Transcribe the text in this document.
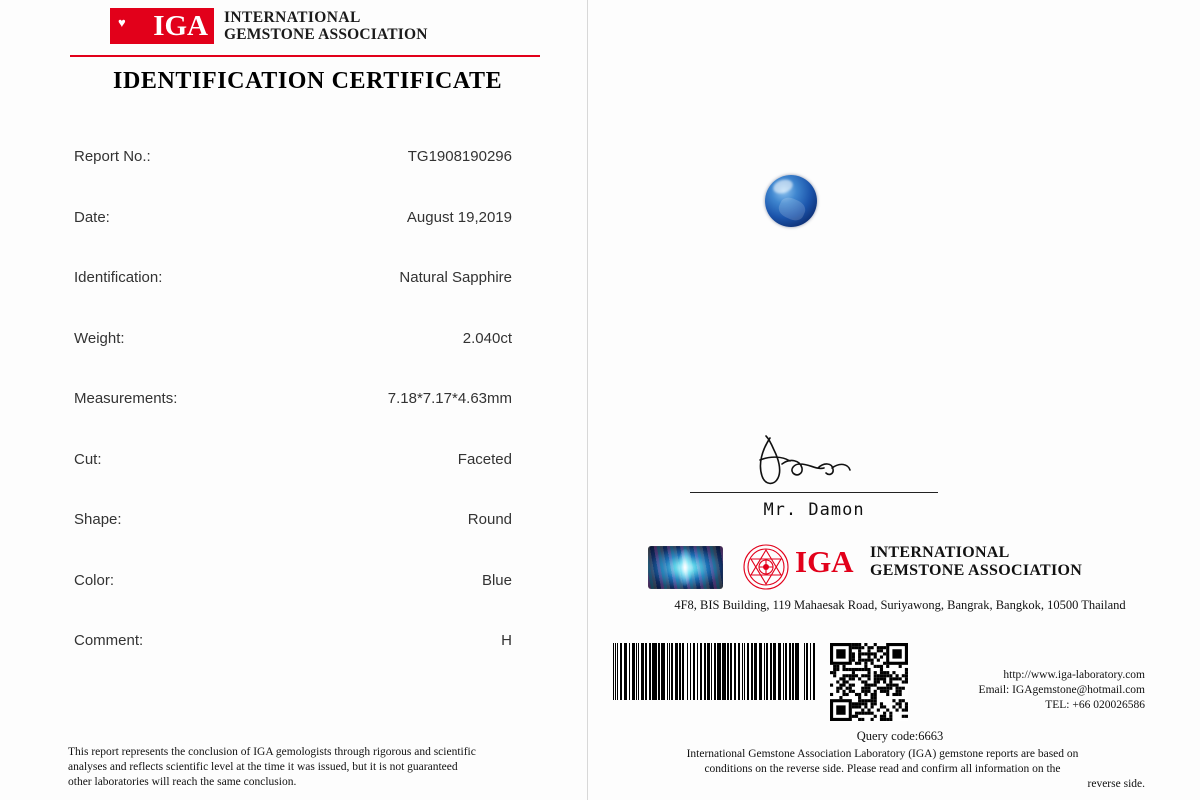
♥ IGA	INTERNATIONAL
GEMSTONE ASSOCIATION
IDENTIFICATION CERTIFICATE
Report No.:	TG1908190296
Date:	August 19,2019
Identification:	Natural Sapphire
Weight:	2.040ct
Measurements:	7.18*7.17*4.63mm
Cut:	Faceted
Shape:	Round
Color:	Blue
Comment:	H
This report represents the conclusion of IGA gemologists through rigorous and scientific
analyses and reflects scientific level at the time it was issued, but it is not guaranteed
other laboratories will reach the same conclusion.
Mr. Damon
IGA INTERNATIONAL
GEMSTONE ASSOCIATION
4F8, BIS Building, 119 Mahaesak Road, Suriyawong, Bangrak, Bangkok, 10500 Thailand
http://www.iga-laboratory.com
Email: IGAgemstone@hotmail.com
TEL: +66 020026586
Query code:6663
International Gemstone Association Laboratory (IGA) gemstone reports are based on
conditions on the reverse side. Please read and confirm all information on the
reverse side.
